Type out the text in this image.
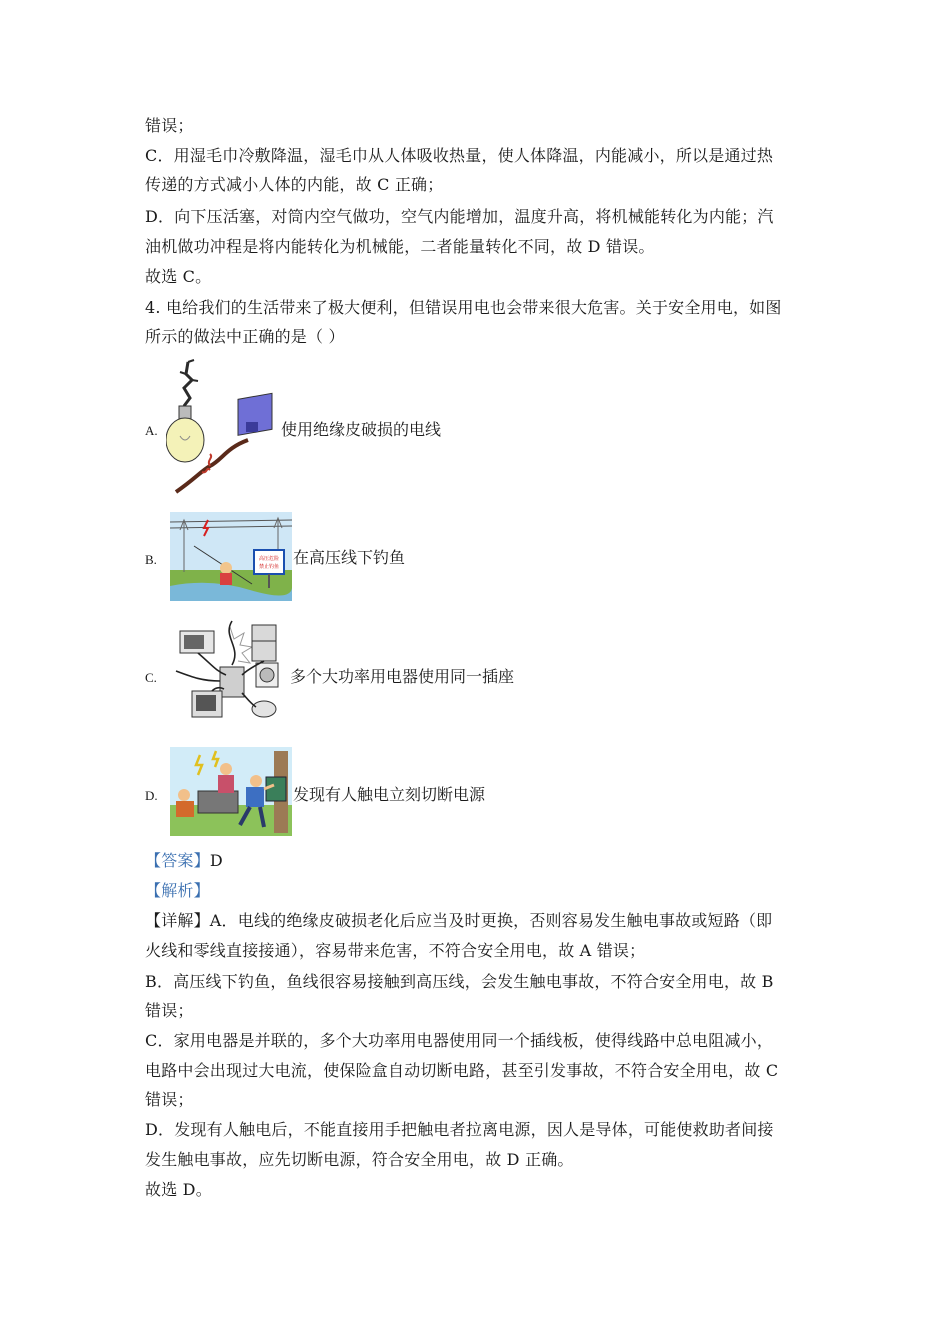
错误；
C．用湿毛巾冷敷降温，湿毛巾从人体吸收热量，使人体降温，内能减小，所以是通过热
传递的方式减小人体的内能，故 C 正确；
D．向下压活塞，对筒内空气做功，空气内能增加，温度升高，将机械能转化为内能；汽
油机做功冲程是将内能转化为机械能，二者能量转化不同，故 D 错误。
故选 C。
4. 电给我们的生活带来了极大便利，但错误用电也会带来很大危害。关于安全用电，如图
所示的做法中正确的是（ ）
A.	使用绝缘皮破损的电线
B.	高压危险
禁止钓鱼 在高压线下钓鱼
C.	多个大功率用电器使用同一插座
D.	发现有人触电立刻切断电源
【答案】D
【解析】
【详解】A．电线的绝缘皮破损老化后应当及时更换，否则容易发生触电事故或短路（即
火线和零线直接接通），容易带来危害，不符合安全用电，故 A 错误；
B．高压线下钓鱼，鱼线很容易接触到高压线，会发生触电事故，不符合安全用电，故 B
错误；
C．家用电器是并联的，多个大功率用电器使用同一个插线板，使得线路中总电阻减小，
电路中会出现过大电流，使保险盒自动切断电路，甚至引发事故，不符合安全用电，故 C
错误；
D．发现有人触电后，不能直接用手把触电者拉离电源，因人是导体，可能使救助者间接
发生触电事故，应先切断电源，符合安全用电，故 D 正确。
故选 D。
